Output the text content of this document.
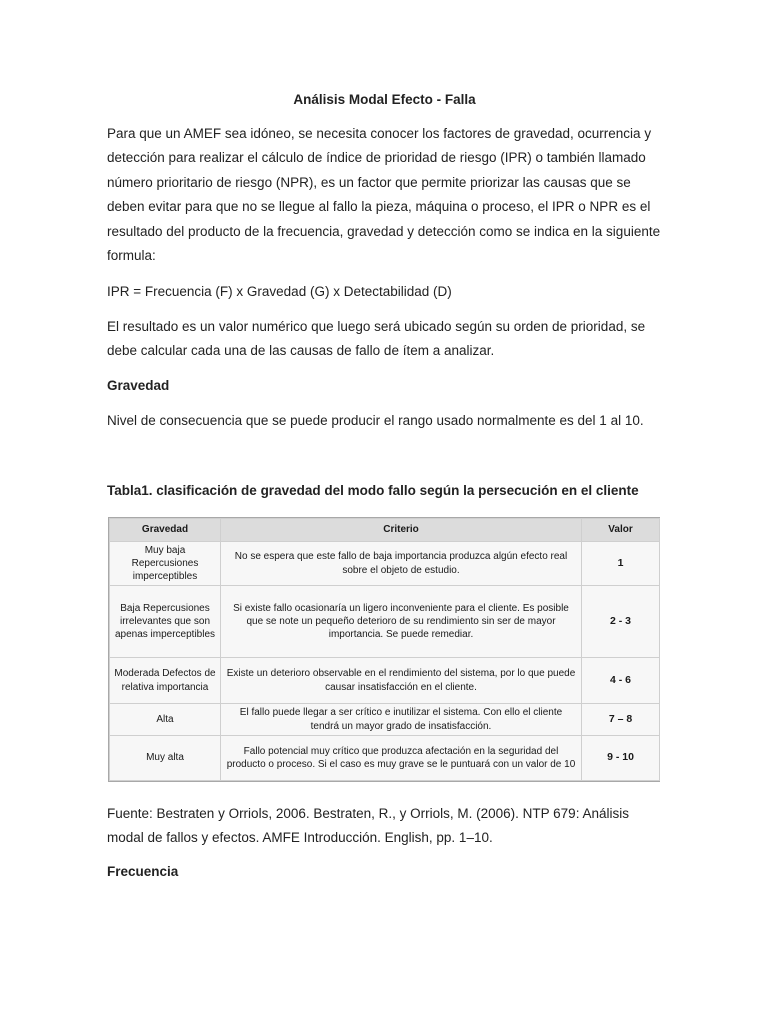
Análisis Modal Efecto - Falla

Para que un AMEF sea idóneo, se necesita conocer los factores de gravedad, ocurrencia y detección para realizar el cálculo de índice de prioridad de riesgo (IPR) o también llamado número prioritario de riesgo (NPR), es un factor que permite priorizar las causas que se deben evitar para que no se llegue al fallo la pieza, máquina o proceso, el IPR o NPR es el resultado del producto de la frecuencia, gravedad y detección como se indica en la siguiente formula:

IPR = Frecuencia (F) x Gravedad (G) x Detectabilidad (D)

El resultado es un valor numérico que luego será ubicado según su orden de prioridad, se debe calcular cada una de las causas de fallo de ítem a analizar.

Gravedad

Nivel de consecuencia que se puede producir el rango usado normalmente es del 1 al 10.

Tabla1. clasificación de gravedad del modo fallo según la persecución en el cliente

Gravedad	Criterio	Valor
Muy baja Repercusiones imperceptibles	No se espera que este fallo de baja importancia produzca algún efecto real sobre el objeto de estudio.	1
Baja Repercusiones irrelevantes que son apenas imperceptibles	Si existe fallo ocasionaría un ligero inconveniente para el cliente. Es posible que se note un pequeño deterioro de su rendimiento sin ser de mayor importancia. Se puede remediar.	2 - 3
Moderada Defectos de relativa importancia	Existe un deterioro observable en el rendimiento del sistema, por lo que puede causar insatisfacción en el cliente.	4 - 6
Alta	El fallo puede llegar a ser crítico e inutilizar el sistema. Con ello el cliente tendrá un mayor grado de insatisfacción.	7 – 8
Muy alta	Fallo potencial muy crítico que produzca afectación en la seguridad del producto o proceso. Si el caso es muy grave se le puntuará con un valor de 10	9 - 10

Fuente: Bestraten y Orriols, 2006. Bestraten, R., y Orriols, M. (2006). NTP 679: Análisis modal de fallos y efectos. AMFE Introducción. English, pp. 1–10.

Frecuencia
